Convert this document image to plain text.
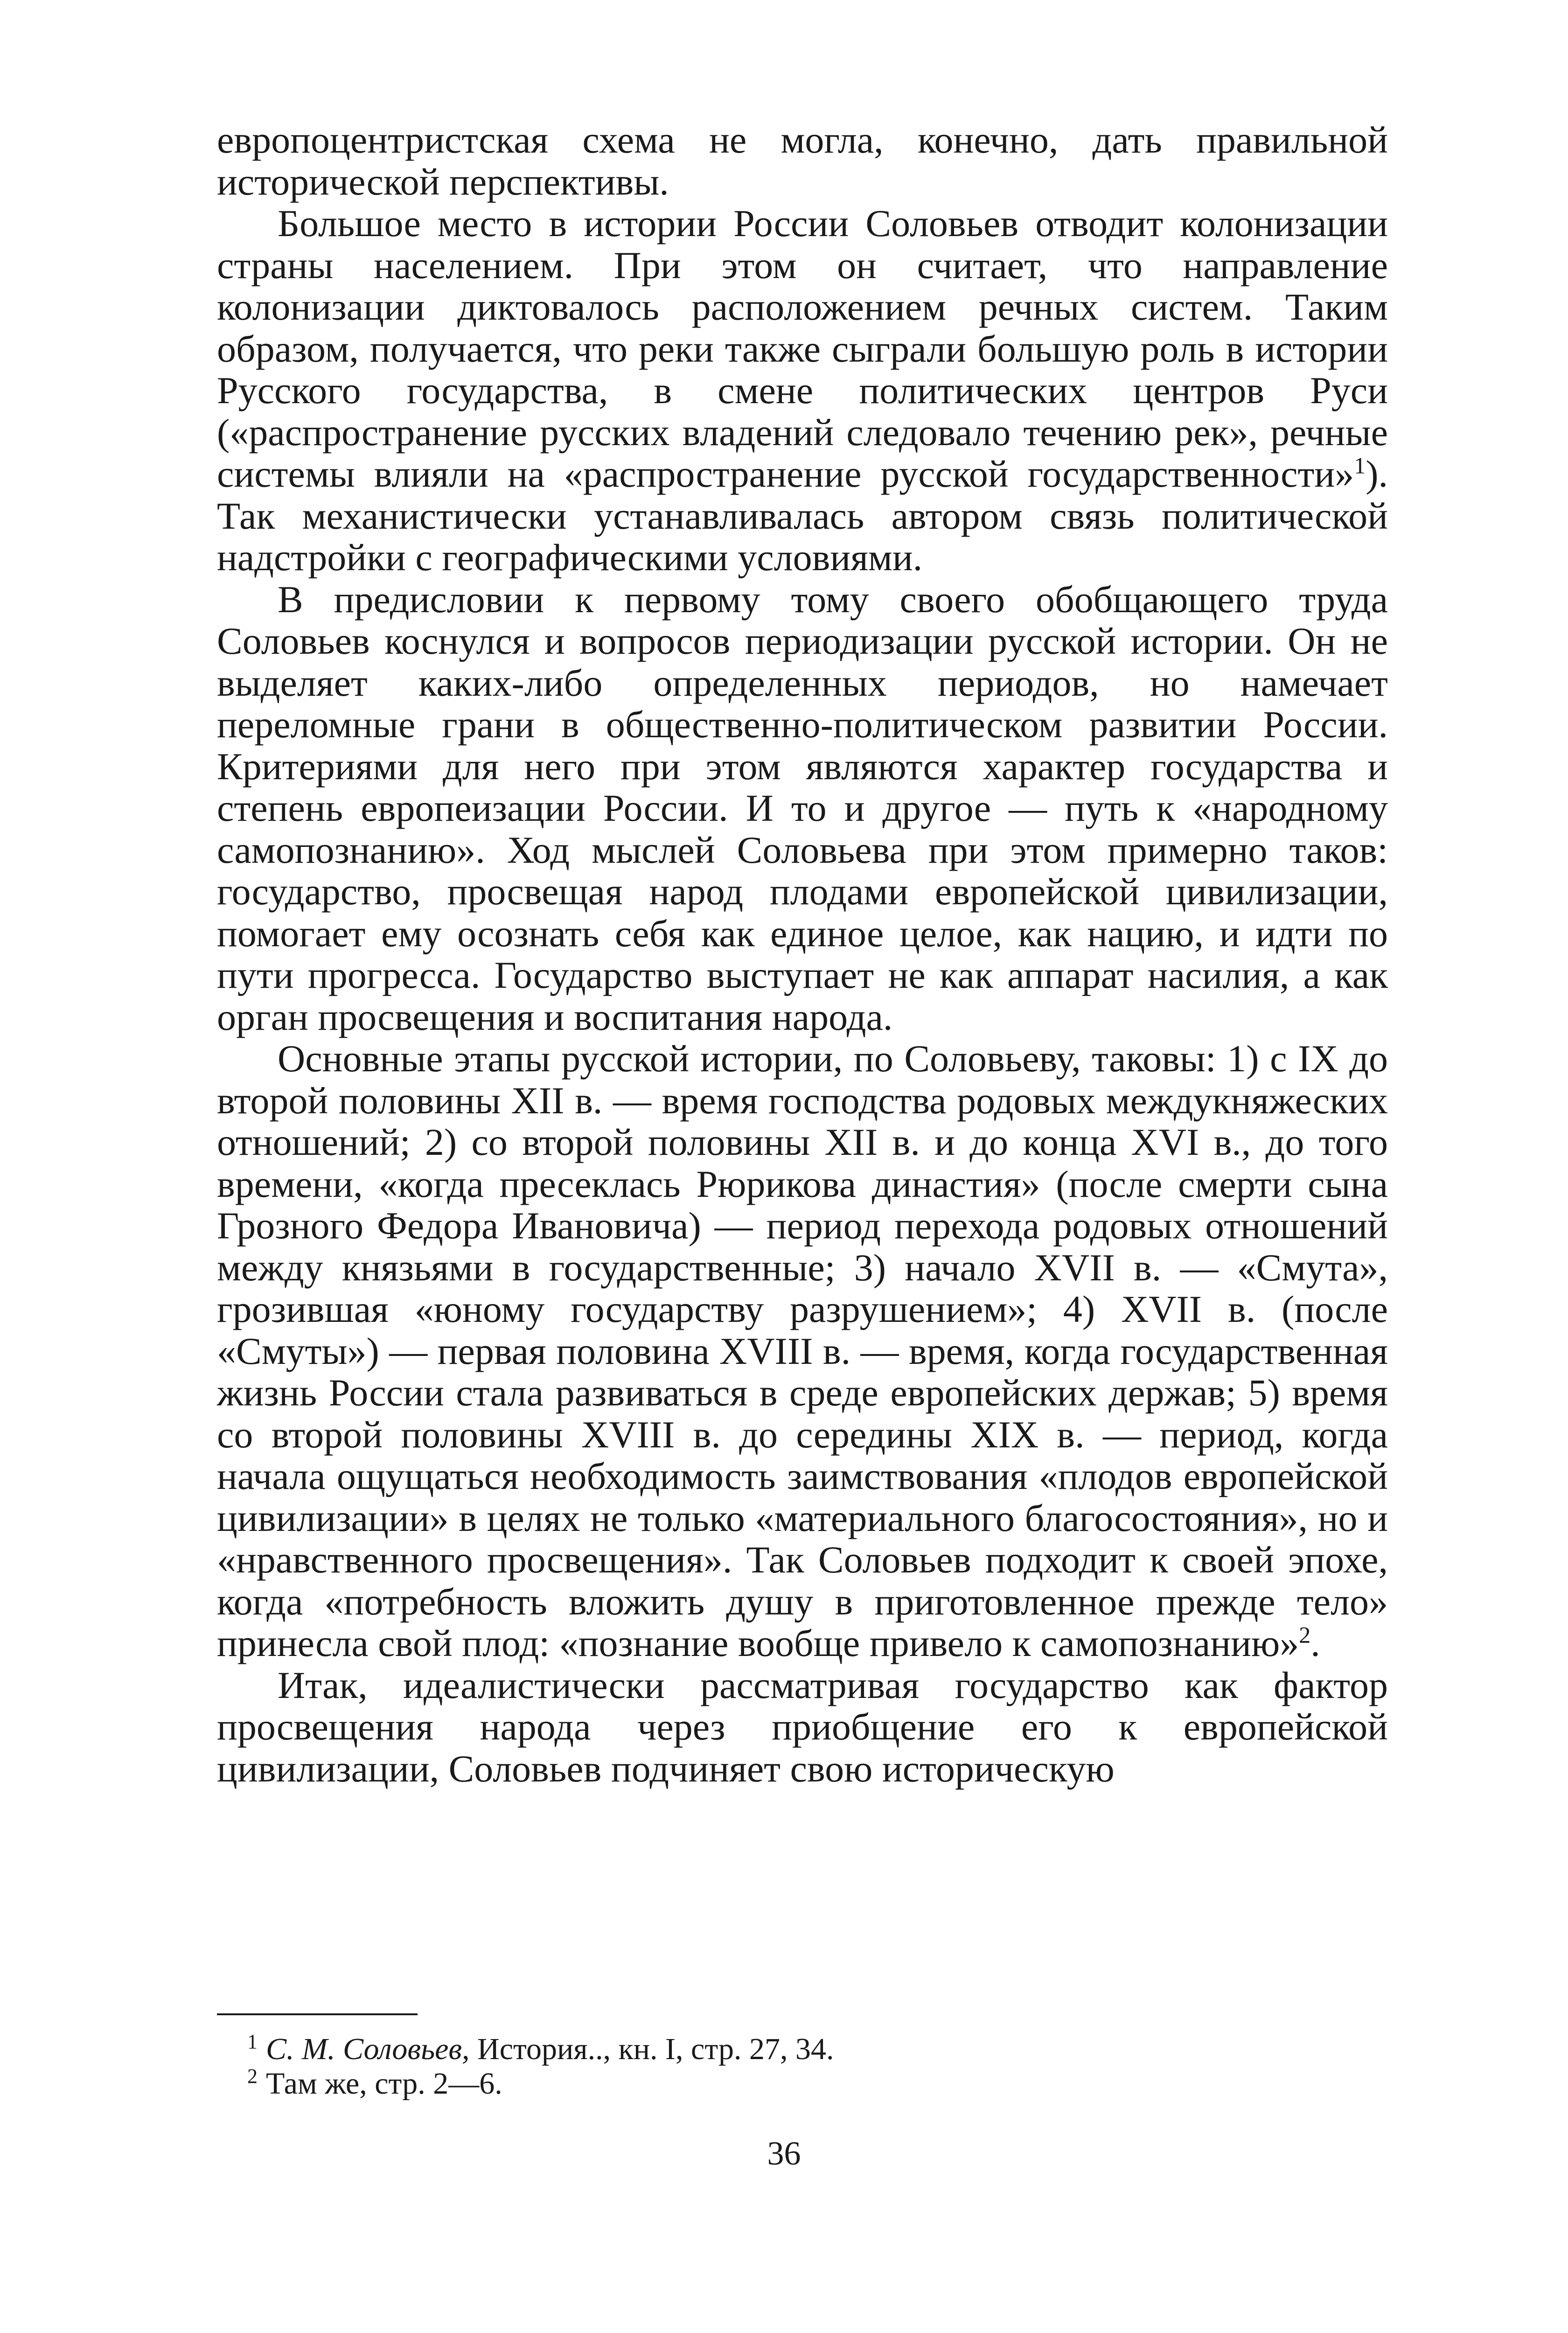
европоцентристская схема не могла, конечно, дать правильной исторической перспективы.

Большое место в истории России Соловьев отводит колонизации страны населением. При этом он считает, что направление колонизации диктовалось расположением речных систем. Таким образом, получается, что реки также сыграли большую роль в истории Русского государства, в смене политических центров Руси («распространение русских владений следовало течению рек», речные системы влияли на «распространение русской государственности»$^1$). Так механистически устанавливалась автором связь политической надстройки с географическими условиями.

В предисловии к первому тому своего обобщающего труда Соловьев коснулся и вопросов периодизации русской истории. Он не выделяет каких-либо определенных периодов, но намечает переломные грани в общественно-политическом развитии России. Критериями для него при этом являются характер государства и степень европеизации России. И то и другое — путь к «народному самопознанию». Ход мыслей Соловьева при этом примерно таков: государство, просвещая народ плодами европейской цивилизации, помогает ему осознать себя как единое целое, как нацию, и идти по пути прогресса. Государство выступает не как аппарат насилия, а как орган просвещения и воспитания народа.

Основные этапы русской истории, по Соловьеву, таковы: 1) с IX до второй половины XII в. — время господства родовых междукняжеских отношений; 2) со второй половины XII в. и до конца XVI в., до того времени, «когда пресеклась Рюрикова династия» (после смерти сына Грозного Федора Ивановича) — период перехода родовых отношений между князьями в государственные; 3) начало XVII в. — «Смута», грозившая «юному государству разрушением»; 4) XVII в. (после «Смуты») — первая половина XVIII в. — время, когда государственная жизнь России стала развиваться в среде европейских держав; 5) время со второй половины XVIII в. до середины XIX в. — период, когда начала ощущаться необходимость заимствования «плодов европейской цивилизации» в целях не только «материального благосостояния», но и «нравственного просвещения». Так Соловьев подходит к своей эпохе, когда «потребность вложить душу в приготовленное прежде тело» принесла свой плод: «познание вообще привело к самопознанию»$^2$.

Итак, идеалистически рассматривая государство как фактор просвещения народа через приобщение его к европейской цивилизации, Соловьев подчиняет свою историческую

$^1$ С. М. Соловьев, История.., кн. I, стр. 27, 34.

$^2$ Там же, стр. 2—6.

36
